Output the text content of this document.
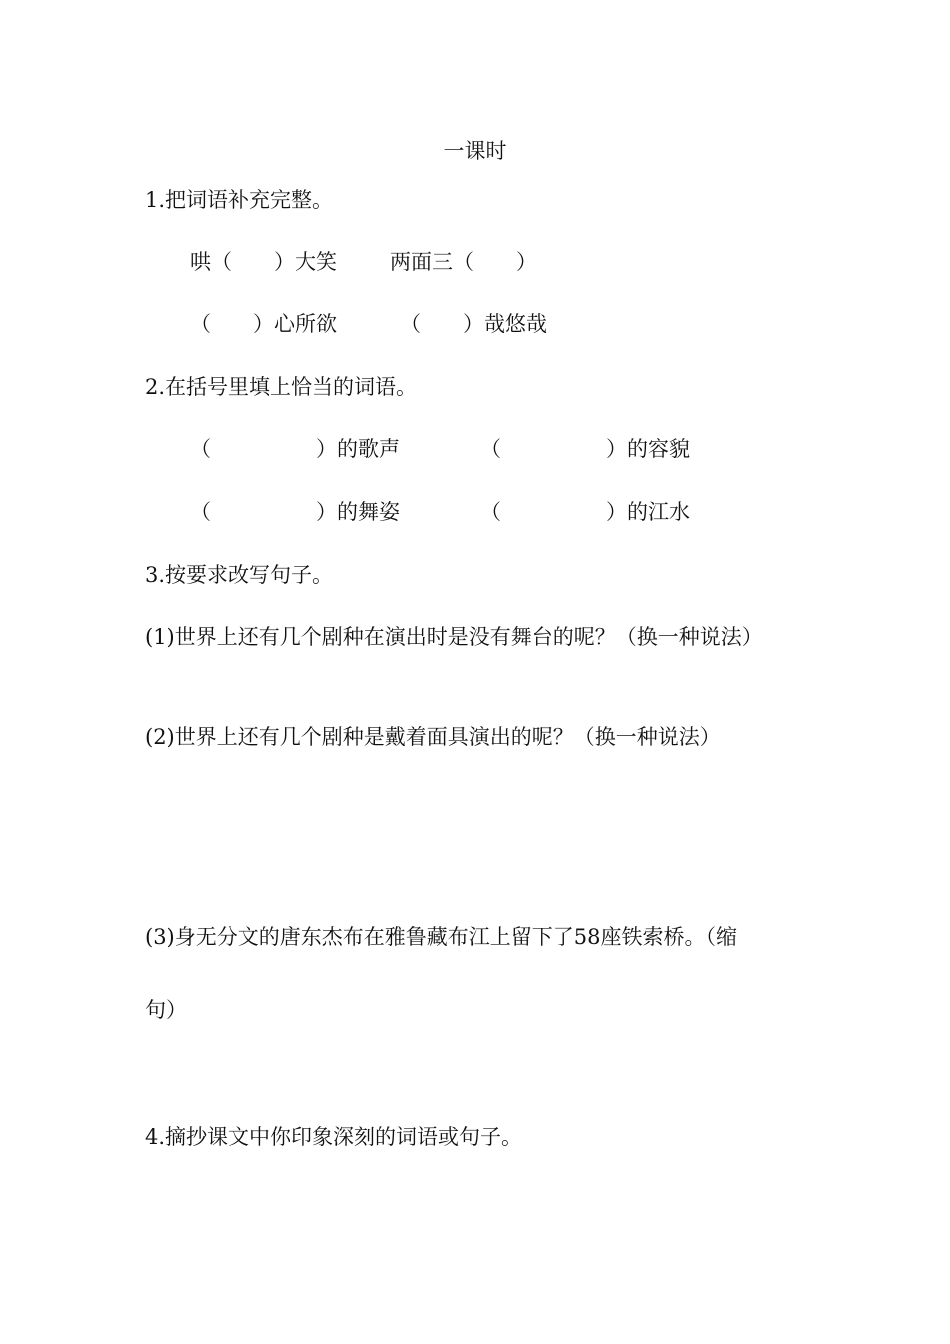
一课时
1.把词语补充完整。
哄（　　）大笑	两面三（　　）
（　　）心所欲	（　　）哉悠哉
2.在括号里填上恰当的词语。
（　　　　　）的歌声	（　　　　　）的容貌
（　　　　　）的舞姿	（　　　　　）的江水
3.按要求改写句子。
(1)世界上还有几个剧种在演出时是没有舞台的呢？（换一种说法）
(2)世界上还有几个剧种是戴着面具演出的呢？（换一种说法）
(3)身无分文的唐东杰布在雅鲁藏布江上留下了58座铁索桥。（缩
句）
4.摘抄课文中你印象深刻的词语或句子。
